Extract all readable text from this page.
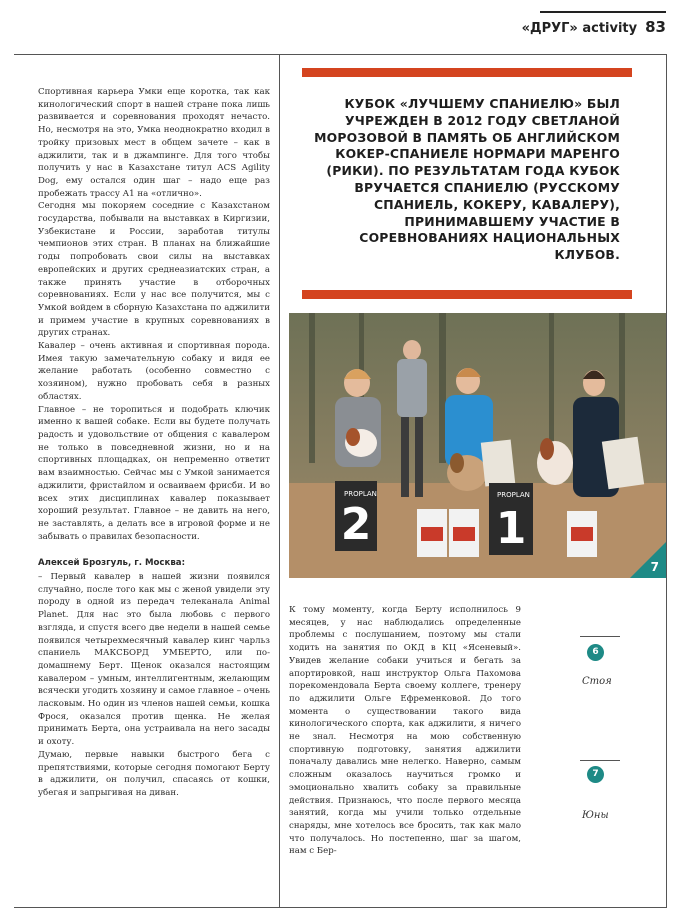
«ДРУГ» activity 83

Спортивная карьера Умки еще коротка, так как кинологический спорт в нашей стране пока лишь развивается и соревнования проходят нечасто. Но, несмотря на это, Умка неоднократно входил в тройку призовых мест в общем зачете – как в аджилити, так и в джампинге. Для того чтобы получить у нас в Казахстане титул ACS Agility Dog, ему осталcя один шаг – надо еще раз пробежать трассу А1 на «отлично».

Сегодня мы покоряем соседние с Казахстаном государства, побывали на выставках в Киргизии, Узбекистане и России, заработав титулы чемпионов этих стран. В планах на ближайшие годы попробовать свои силы на выставках европейских и других среднеазиатских стран, а также принять участие в отборочных соревнованиях. Если у нас все получится, мы с Умкой войдем в сборную Казахстана по аджилити и примем участие в крупных соревнованиях в других странах.

Кавалер – очень активная и спортивная порода. Имея такую замечательную собаку и видя ее желание работать (особенно совместно с хозяином), нужно пробовать себя в разных областях.

Главное – не торопиться и подобрать ключик именно к вашей собаке. Если вы будете получать радость и удовольствие от общения с кавалером не только в повседневной жизни, но и на спортивных площадках, он непременно ответит вам взаимностью. Сейчас мы с Умкой занимается аджилити, фристайлом и осваиваем фрисби. И во всех этих дисциплинах кавалер показывает хороший результат. Главное – не давить на него, не заставлять, а делать все в игровой форме и не забывать о правилах безопасности.

Алексей Брозгуль, г. Москва:

– Первый кавалер в нашей жизни появился случайно, после того как мы с женой увидели эту породу в одной из передач телеканала Animal Planet. Для нас это была любовь с первого взгляда, и спустя всего две недели в нашей семье появился четырехмесячный кавалер кинг чарльз спаниель МАКСБОРД УМБЕРТО, или по-домашнему Берт. Щенок оказался настоящим кавалером – умным, интеллигентным, желающим всячески угодить хозяину и самое главное – очень ласковым. Но один из членов нашей семьи, кошка Фрося, оказался против щенка. Не желая принимать Берта, она устраивала на него засады и охоту.

Думаю, первые навыки быстрого бега с препятствиями, которые сегодня помогают Берту в аджилити, он получил, спасаясь от кошки, убегая и запрыгивая на диван.

КУБОК «ЛУЧШЕМУ СПАНИЕЛЮ» БЫЛ УЧРЕЖДЕН В 2012 ГОДУ СВЕТЛАНОЙ МОРОЗОВОЙ В ПАМЯТЬ ОБ АНГЛИЙСКОМ КОКЕР-СПАНИЕЛЕ НОРМАРИ МАРЕНГО (РИКИ). ПО РЕЗУЛЬТАТАМ ГОДА КУБОК ВРУЧАЕТСЯ СПАНИЕЛЮ (РУССКОМУ СПАНИЕЛЬ, КОКЕРУ, КАВАЛЕРУ), ПРИНИМАВШЕМУ УЧАСТИЕ В СОРЕВНОВАНИЯХ НАЦИОНАЛЬНЫХ КЛУБОВ.
2	1
PROPLAN	PROPLAN
7

К тому моменту, когда Берту исполнилось 9 месяцев, у нас наблюдались определенные проблемы с послушанием, поэтому мы стали ходить на занятия по ОКД в КЦ «Ясеневый». Увидев желание собаки учиться и бегать за апортировкой, наш инструктор Ольга Пахомова порекомендовала Берта своему коллеге, тренеру по аджилити Ольге Ефременковой. До того момента о существовании такого вида кинологического спорта, как аджилити, я ничего не знал. Несмотря на мою собственную спортивную подготовку, занятия аджилити поначалу давались мне нелегко. Наверно, самым сложным оказалось научиться громко и эмоционально хвалить собаку за правильные действия. Признаюсь, что после первого месяца занятий, когда мы учили только отдельные снаряды, мне хотелось все бросить, так как мало что получалось. Но постепенно, шаг за шагом, нам с Бер-

6
Стоя
7
Юны
